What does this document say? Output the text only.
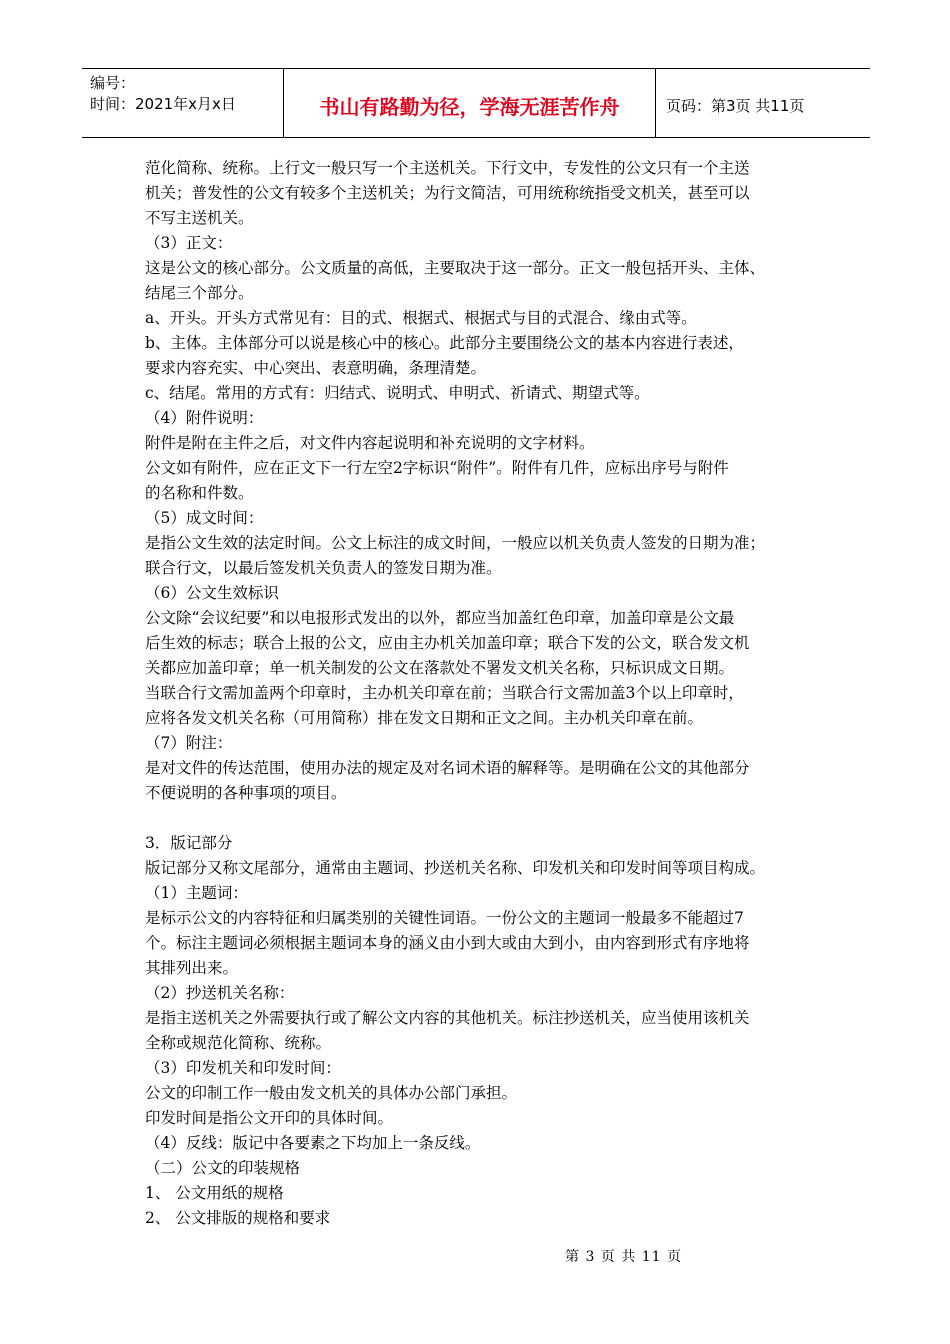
编号：
时间：2021年x月x日	书山有路勤为径，学海无涯苦作舟	页码：第3页 共11页

范化简称、统称。上行文一般只写一个主送机关。下行文中，专发性的公文只有一个主送

机关；普发性的公文有较多个主送机关；为行文简洁，可用统称统指受文机关，甚至可以

不写主送机关。

（3）正文：

这是公文的核心部分。公文质量的高低，主要取决于这一部分。正文一般包括开头、主体、

结尾三个部分。

a、开头。开头方式常见有：目的式、根据式、根据式与目的式混合、缘由式等。

b、主体。主体部分可以说是核心中的核心。此部分主要围绕公文的基本内容进行表述，

要求内容充实、中心突出、表意明确，条理清楚。

c、结尾。常用的方式有：归结式、说明式、申明式、祈请式、期望式等。

（4）附件说明：

附件是附在主件之后，对文件内容起说明和补充说明的文字材料。

公文如有附件，应在正文下一行左空2字标识“附件”。附件有几件，应标出序号与附件

的名称和件数。

（5）成文时间：

是指公文生效的法定时间。公文上标注的成文时间，一般应以机关负责人签发的日期为准；

联合行文，以最后签发机关负责人的签发日期为准。

（6）公文生效标识

公文除“会议纪要”和以电报形式发出的以外，都应当加盖红色印章，加盖印章是公文最

后生效的标志；联合上报的公文，应由主办机关加盖印章；联合下发的公文，联合发文机

关都应加盖印章；单一机关制发的公文在落款处不署发文机关名称，只标识成文日期。

当联合行文需加盖两个印章时，主办机关印章在前；当联合行文需加盖3个以上印章时，

应将各发文机关名称（可用简称）排在发文日期和正文之间。主办机关印章在前。

（7）附注：

是对文件的传达范围，使用办法的规定及对名词术语的解释等。是明确在公文的其他部分

不便说明的各种事项的项目。

3．版记部分

版记部分又称文尾部分，通常由主题词、抄送机关名称、印发机关和印发时间等项目构成。

（1）主题词：

是标示公文的内容特征和归属类别的关键性词语。一份公文的主题词一般最多不能超过7

个。标注主题词必须根据主题词本身的涵义由小到大或由大到小，由内容到形式有序地将

其排列出来。

（2）抄送机关名称：

是指主送机关之外需要执行或了解公文内容的其他机关。标注抄送机关，应当使用该机关

全称或规范化简称、统称。

（3）印发机关和印发时间：

公文的印制工作一般由发文机关的具体办公部门承担。

印发时间是指公文开印的具体时间。

（4）反线：版记中各要素之下均加上一条反线。

（二）公文的印装规格

1、 公文用纸的规格

2、 公文排版的规格和要求

第 3 页 共 11 页
